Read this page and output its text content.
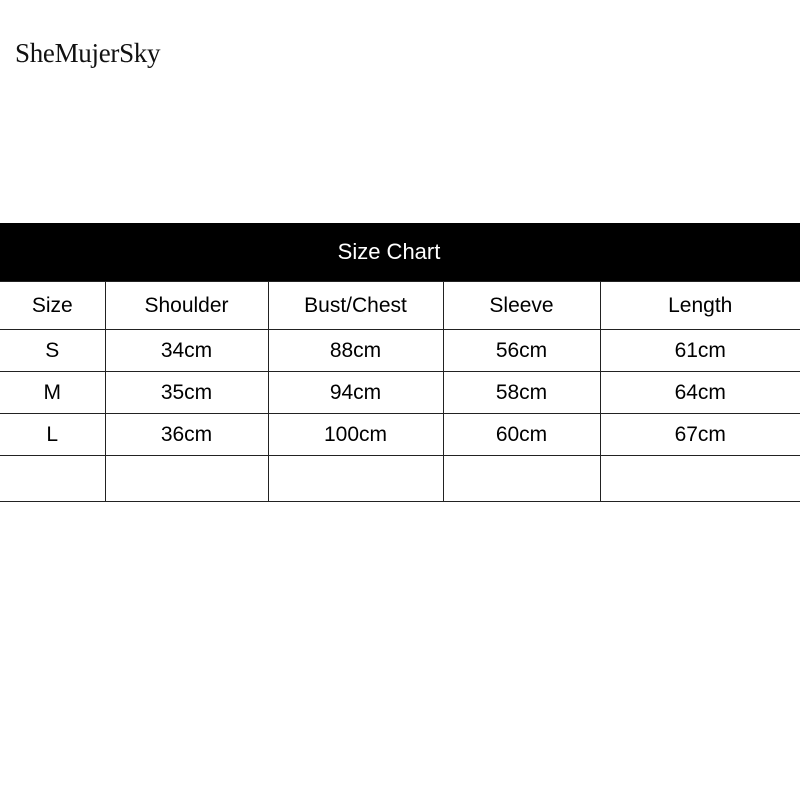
SheMujerSky
Size Chart
Size	Shoulder	Bust/Chest	Sleeve	Length
S	34cm	88cm	56cm	61cm
M	35cm	94cm	58cm	64cm
L	36cm	100cm	60cm	67cm
